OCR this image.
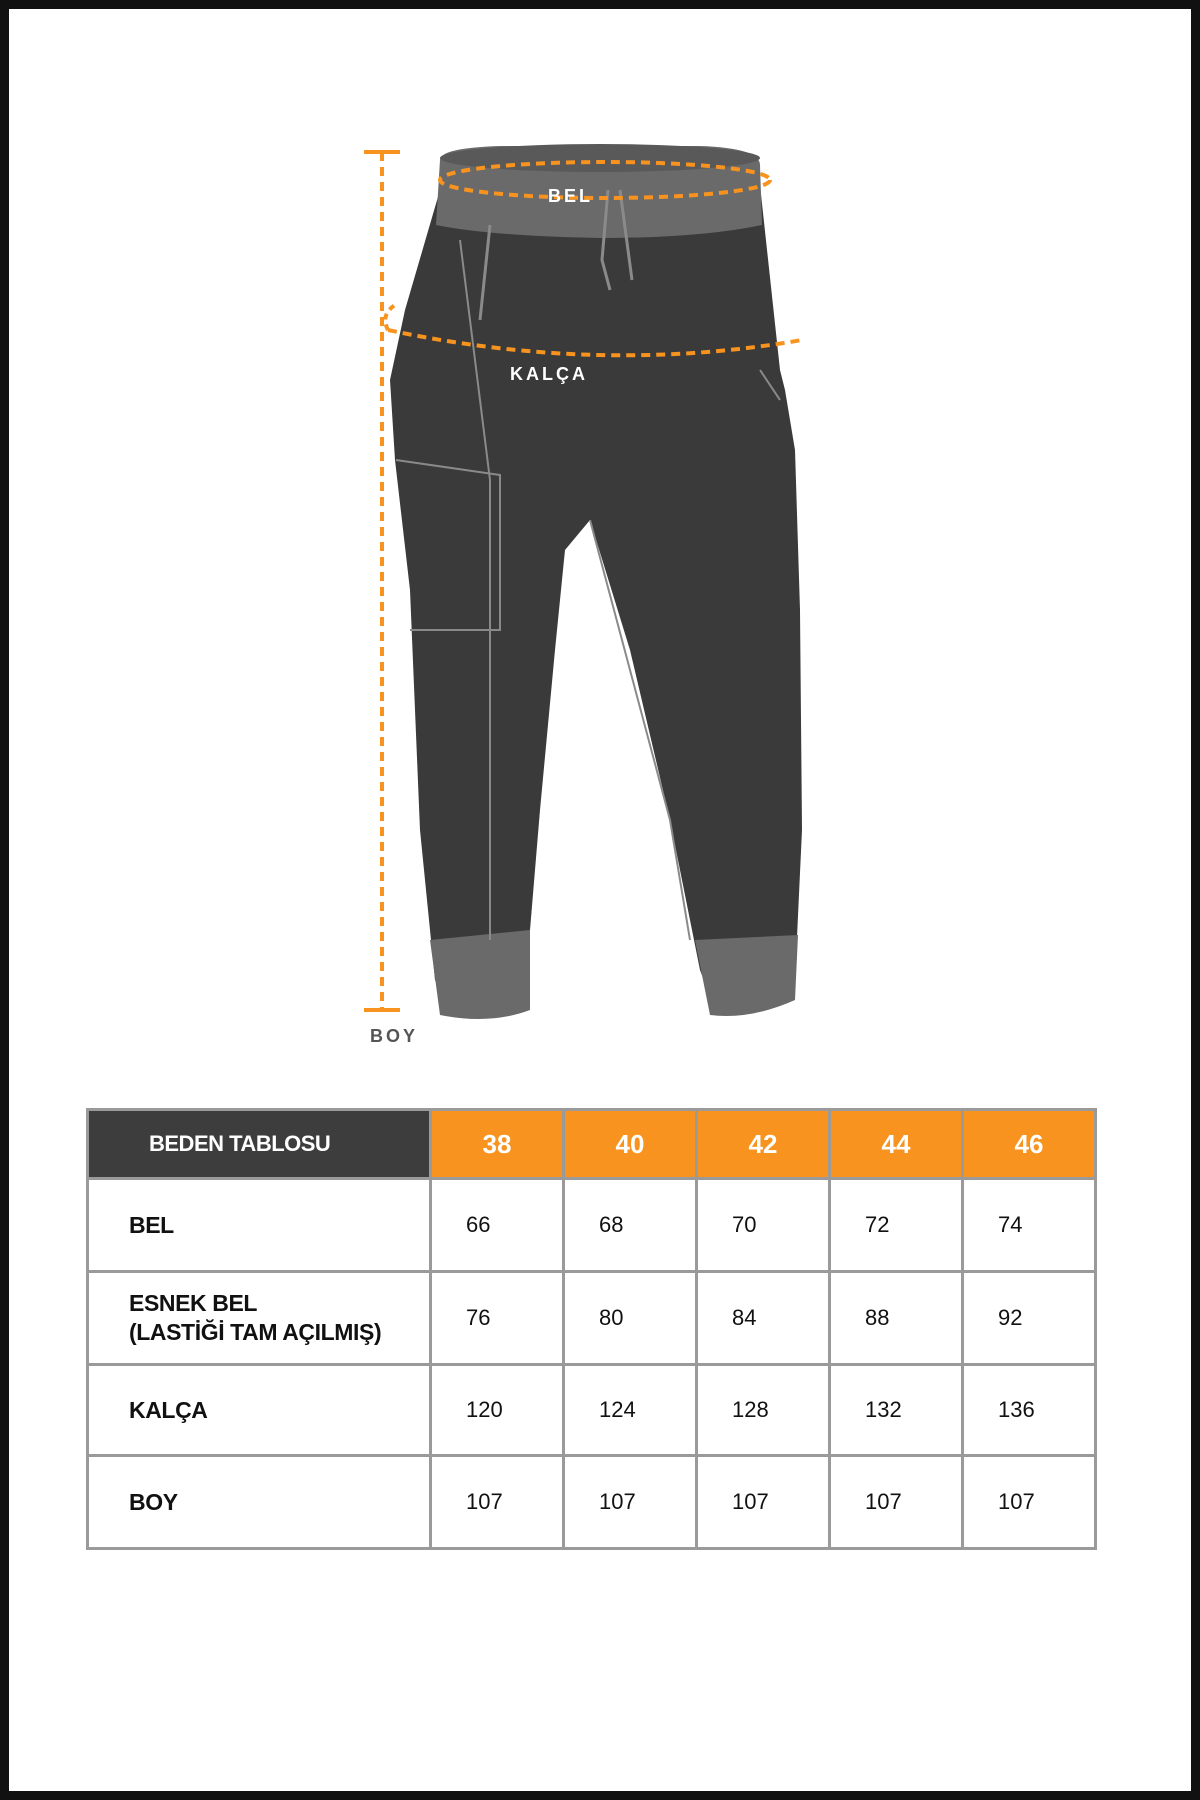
BOY
BEL
KALÇA
BEDEN TABLOSU	38	40	42	44	46
BEL	66	68	70	72	74

ESNEK BEL
(LASTİĞİ TAM AÇILMIŞ)	76	80	84	88	92
KALÇA	120	124	128	132	136
BOY	107	107	107	107	107
